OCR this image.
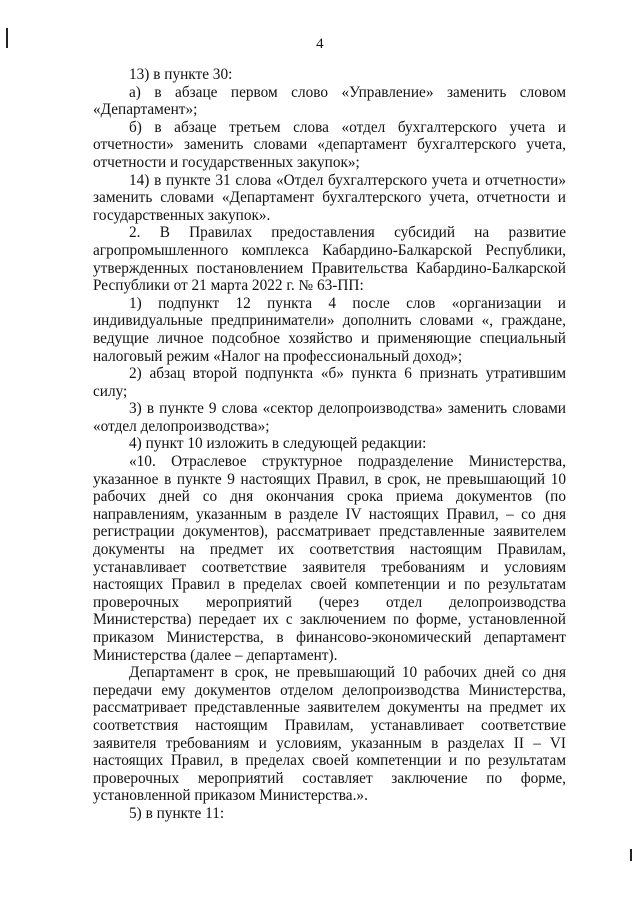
4

13) в пункте 30:

а) в абзаце первом слово «Управление» заменить словом «Департамент»;

б) в абзаце третьем слова «отдел бухгалтерского учета и отчетности» заменить словами «департамент бухгалтерского учета, отчетности и государственных закупок»;

14) в пункте 31 слова «Отдел бухгалтерского учета и отчетности» заменить словами «Департамент бухгалтерского учета, отчетности и государственных закупок».

2. В Правилах предоставления субсидий на развитие агропромышленного комплекса Кабардино-Балкарской Республики, утвержденных постановлением Правительства Кабардино-Балкарской Республики от 21 марта 2022 г. № 63-ПП:

1) подпункт 12 пункта 4 после слов «организации и индивидуальные предприниматели» дополнить словами «, граждане, ведущие личное подсобное хозяйство и применяющие специальный налоговый режим «Налог на профессиональный доход»;

2) абзац второй подпункта «б» пункта 6 признать утратившим силу;

3) в пункте 9 слова «сектор делопроизводства» заменить словами «отдел делопроизводства»;

4) пункт 10 изложить в следующей редакции:

«10. Отраслевое структурное подразделение Министерства, указанное в пункте 9 настоящих Правил, в срок, не превышающий 10 рабочих дней со дня окончания срока приема документов (по направлениям, указанным в разделе IV настоящих Правил, – со дня регистрации документов), рассматривает представленные заявителем документы на предмет их соответствия настоящим Правилам, устанавливает соответствие заявителя требованиям и условиям настоящих Правил в пределах своей компетенции и по результатам проверочных мероприятий (через отдел делопроизводства Министерства) передает их с заключением по форме, установленной приказом Министерства, в финансово-экономический департамент Министерства (далее – департамент).

Департамент в срок, не превышающий 10 рабочих дней со дня передачи ему документов отделом делопроизводства Министерства, рассматривает представленные заявителем документы на предмет их соответствия настоящим Правилам, устанавливает соответствие заявителя требованиям и условиям, указанным в разделах II – VI настоящих Правил, в пределах своей компетенции и по результатам проверочных мероприятий составляет заключение по форме, установленной приказом Министерства.».

5) в пункте 11:
